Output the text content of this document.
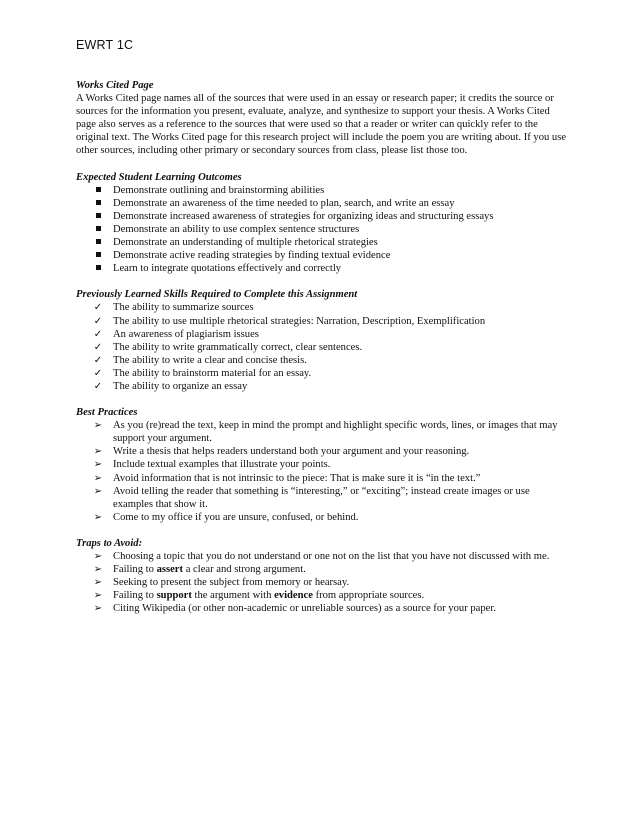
EWRT 1C
Works Cited Page

A Works Cited page names all of the sources that were used in an essay or research paper; it credits the source or sources for the information you present, evaluate, analyze, and synthesize to support your thesis. A Works Cited page also serves as a reference to the sources that were used so that a reader or writer can quickly refer to the original text. The Works Cited page for this research project will include the poem you are writing about. If you use other sources, including other primary or secondary sources from class, please list those too.

Expected Student Learning Outcomes
Demonstrate outlining and brainstorming abilities
Demonstrate an awareness of the time needed to plan, search, and write an essay
Demonstrate increased awareness of strategies for organizing ideas and structuring essays
Demonstrate an ability to use complex sentence structures
Demonstrate an understanding of multiple rhetorical strategies
Demonstrate active reading strategies by finding textual evidence
Learn to integrate quotations effectively and correctly
Previously Learned Skills Required to Complete this Assignment
✓ The ability to summarize sources
✓ The ability to use multiple rhetorical strategies: Narration, Description, Exemplification
✓ An awareness of plagiarism issues
✓ The ability to write grammatically correct, clear sentences.
✓ The ability to write a clear and concise thesis.
✓ The ability to brainstorm material for an essay.
✓ The ability to organize an essay
Best Practices
➢ As you (re)read the text, keep in mind the prompt and highlight specific words, lines, or images that may support your argument.
➢ Write a thesis that helps readers understand both your argument and your reasoning.
➢ Include textual examples that illustrate your points.
➢ Avoid information that is not intrinsic to the piece: That is make sure it is “in the text.”
➢ Avoid telling the reader that something is “interesting,” or “exciting”; instead create images or use examples that show it.
➢ Come to my office if you are unsure, confused, or behind.
Traps to Avoid:
➢ Choosing a topic that you do not understand or one not on the list that you have not discussed with me.
➢ Failing to assert a clear and strong argument.
➢ Seeking to present the subject from memory or hearsay.
➢ Failing to support the argument with evidence from appropriate sources.
➢ Citing Wikipedia (or other non-academic or unreliable sources) as a source for your paper.
